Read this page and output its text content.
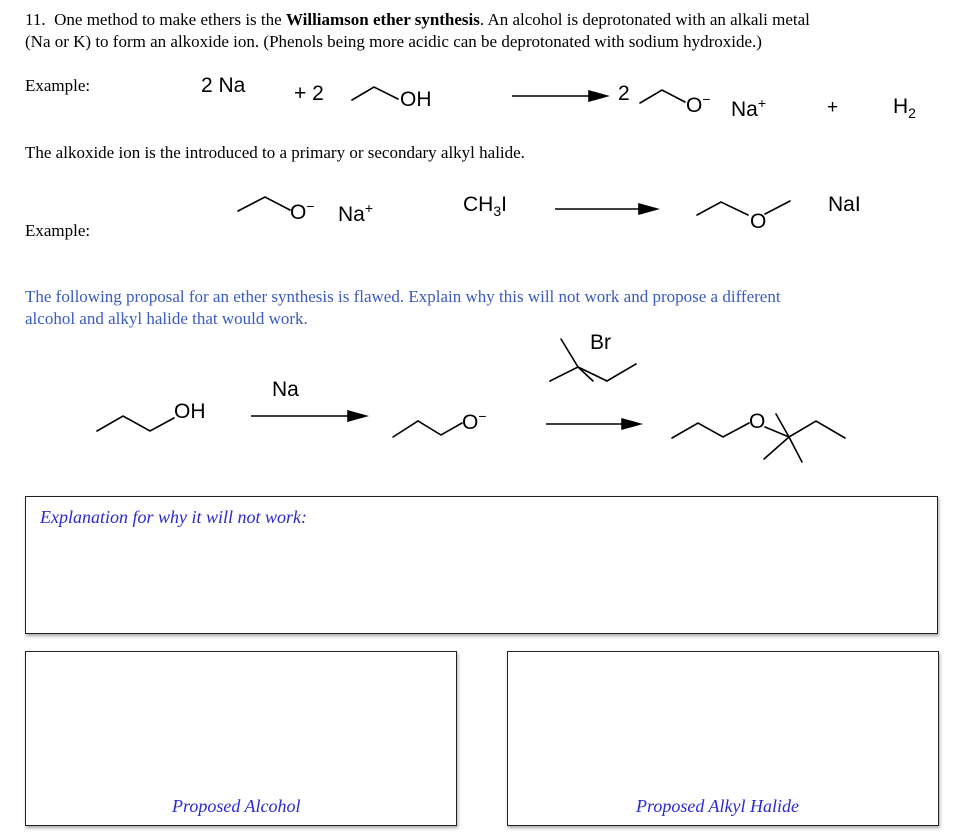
11. One method to make ethers is the Williamson ether synthesis. An alcohol is deprotonated with an alkali metal
(Na or K) to form an alkoxide ion. (Phenols being more acidic can be deprotonated with sodium hydroxide.)
Example:	2 Na + 2	OH	2
O− Na+	+	$H_2$
The alkoxide ion is the introduced to a primary or secondary alkyl halide.
Example:
O− Na+	$CH_3I$
O
NaI
The following proposal for an ether synthesis is flawed. Explain why this will not work and propose a different
alcohol and alkyl halide that would work.
OH
Na
O−
Br
O
Explanation for why it will not work:
Proposed Alcohol	Proposed Alkyl Halide
